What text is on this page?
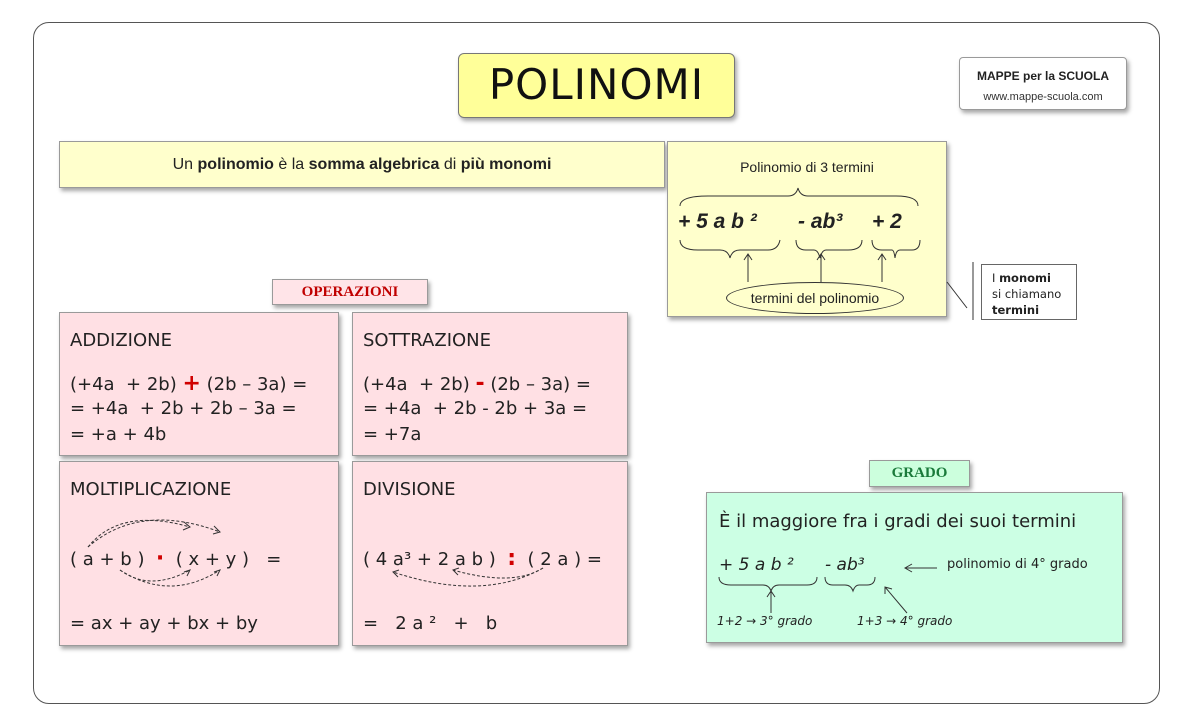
POLINOMI	MAPPE per la SCUOLA
www.mappe-scuola.com
Un polinomio è la somma algebrica di più monomi	Polinomio di 3 termini
+ 5 a b ² - ab³ + 2
termini del polinomio
I monomi
si chiamano
termini
OPERAZIONI
ADDIZIONE
(+4a  + 2b) + (2b – 3a) =
= +4a  + 2b + 2b – 3a =
= +a + 4b
SOTTRAZIONE
(+4a  + 2b) - (2b – 3a) =
= +4a  + 2b - 2b + 3a =
= +7a
MOLTIPLICAZIONE
( a + b )  ·  ( x + y )   =
= ax + ay + bx + by
DIVISIONE
( 4 a³ + 2 a b )  :  ( 2 a ) =
=   2 a ²   +   b
GRADO
È il maggiore fra i gradi dei suoi termini
+ 5 a b ² - ab³	polinomio di 4° grado
1+2 → 3° grado	1+3 → 4° grado
